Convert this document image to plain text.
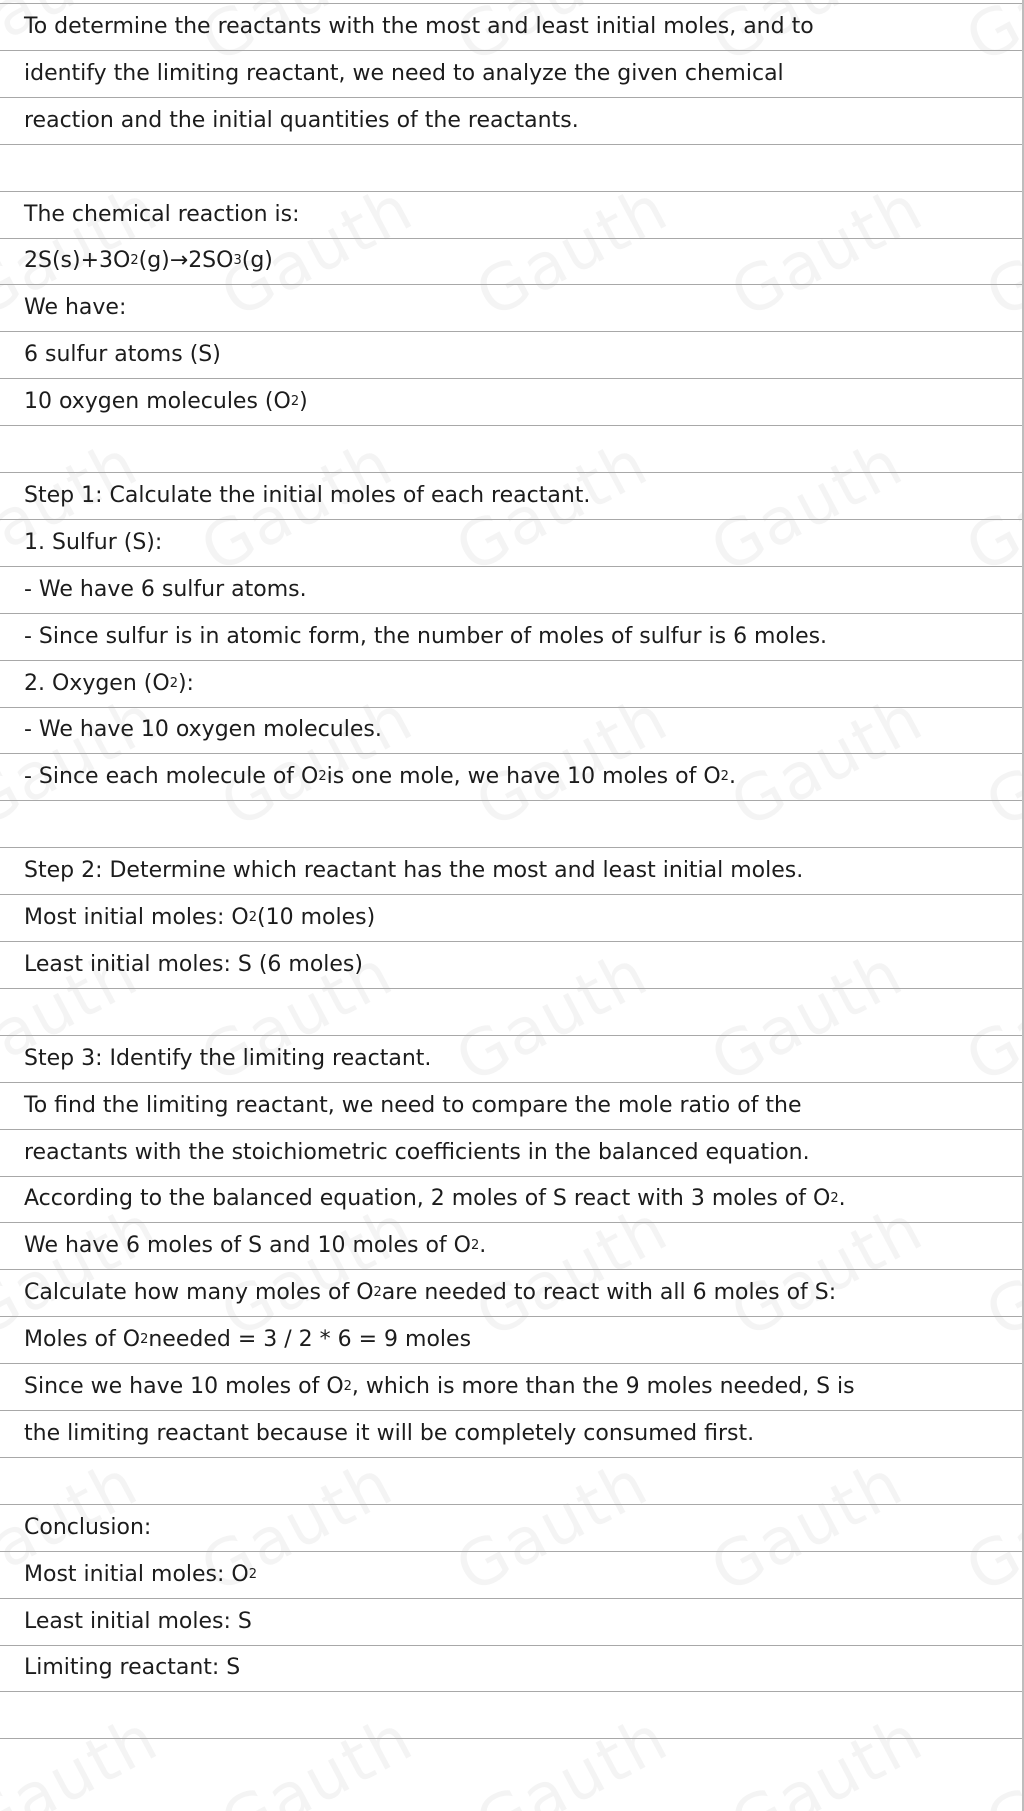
To determine the reactants with the most and least initial moles, and to
identify the limiting reactant, we need to analyze the given chemical
reaction and the initial quantities of the reactants.
The chemical reaction is:
2S(s)+3O 2 (g)→2SO 3 (g)
We have:
6 sulfur atoms (S)
10 oxygen molecules (O 2 )
Step 1: Calculate the initial moles of each reactant.
1. Sulfur (S):
- We have 6 sulfur atoms.
- Since sulfur is in atomic form, the number of moles of sulfur is 6 moles.
2. Oxygen (O 2 ):
- We have 10 oxygen molecules.
- Since each molecule of O 2 is one mole, we have 10 moles of O 2 .
Step 2: Determine which reactant has the most and least initial moles.
Most initial moles: O 2 (10 moles)
Least initial moles: S (6 moles)
Step 3: Identify the limiting reactant.
To find the limiting reactant, we need to compare the mole ratio of the
reactants with the stoichiometric coefficients in the balanced equation.
According to the balanced equation, 2 moles of S react with 3 moles of O 2 .
We have 6 moles of S and 10 moles of O 2 .
Calculate how many moles of O 2 are needed to react with all 6 moles of S:
Moles of O 2 needed = 3 / 2 * 6 = 9 moles
Since we have 10 moles of O 2 , which is more than the 9 moles needed, S is
the limiting reactant because it will be completely consumed first.
Conclusion:
Most initial moles: O 2
Least initial moles: S
Limiting reactant: S
